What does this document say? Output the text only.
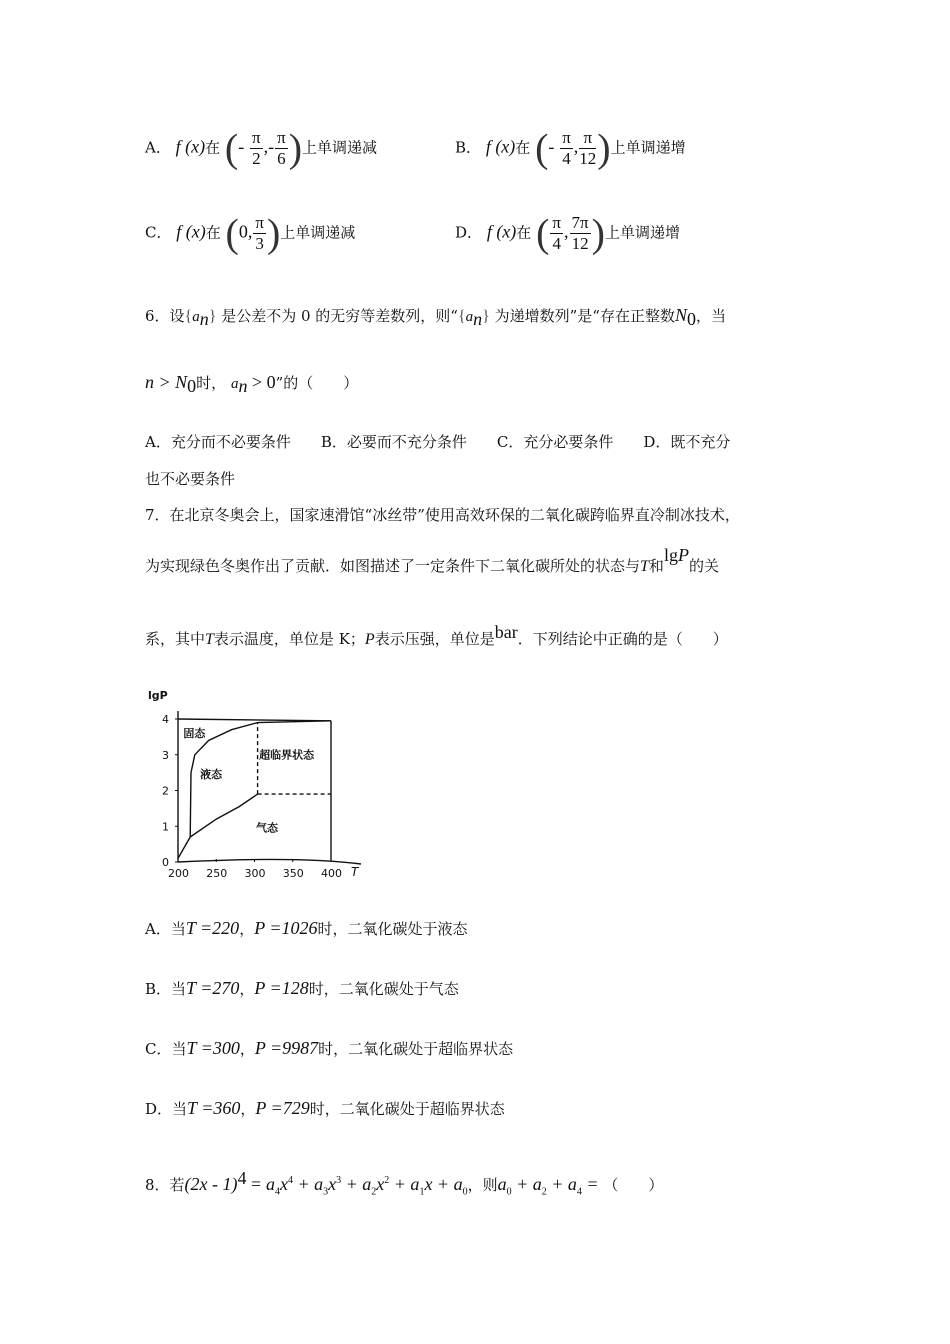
A． f (x)在 (- $\frac{\pi}{2}$ ,- $\frac{\pi}{6}$ )上单调递减	B． f (x)在 (- $\frac{\pi}{4}$ , $\frac{\pi}{12}$ )上单调递增
C． f (x)在 (0, $\frac{\pi}{3}$ )上单调递减	D． f (x)在 ( $\frac{\pi}{4}$ , $\frac{7\pi}{12}$ )上单调递增
6．设$\{a_n\}$ 是公差不为 0 的无穷等差数列，则“$\{a_n\}$ 为递增数列”是“存在正整数$N_0$，当
$n > N_0$时， $a_n > 0$”的（　　）
A．充分而不必要条件　　B．必要而不充分条件　　C．充分必要条件　　D．既不充分
也不必要条件
7．在北京冬奥会上，国家速滑馆“冰丝带”使用高效环保的二氧化碳跨临界直冷制冰技术，
为实现绿色冬奥作出了贡献．如图描述了一定条件下二氧化碳所处的状态与T和lgP的关
系，其中T表示温度，单位是 K；P表示压强，单位是bar．下列结论中正确的是（　　）
0
1
2
3
4
200 250 300 350 400
lgP
T
固态
液态
超临界状态
气态
A．当T =220，P =1026时，二氧化碳处于液态
B．当T =270，P =128时，二氧化碳处于气态
C．当T =300，P =9987时，二氧化碳处于超临界状态
D．当T =360，P =729时，二氧化碳处于超临界状态
8．若$(2x - 1)^4 = a_4x^4 + a_3x^3 + a_2x^2 + a_1x + a_0$，则$a_0 + a_2 + a_4$ = （　　）
